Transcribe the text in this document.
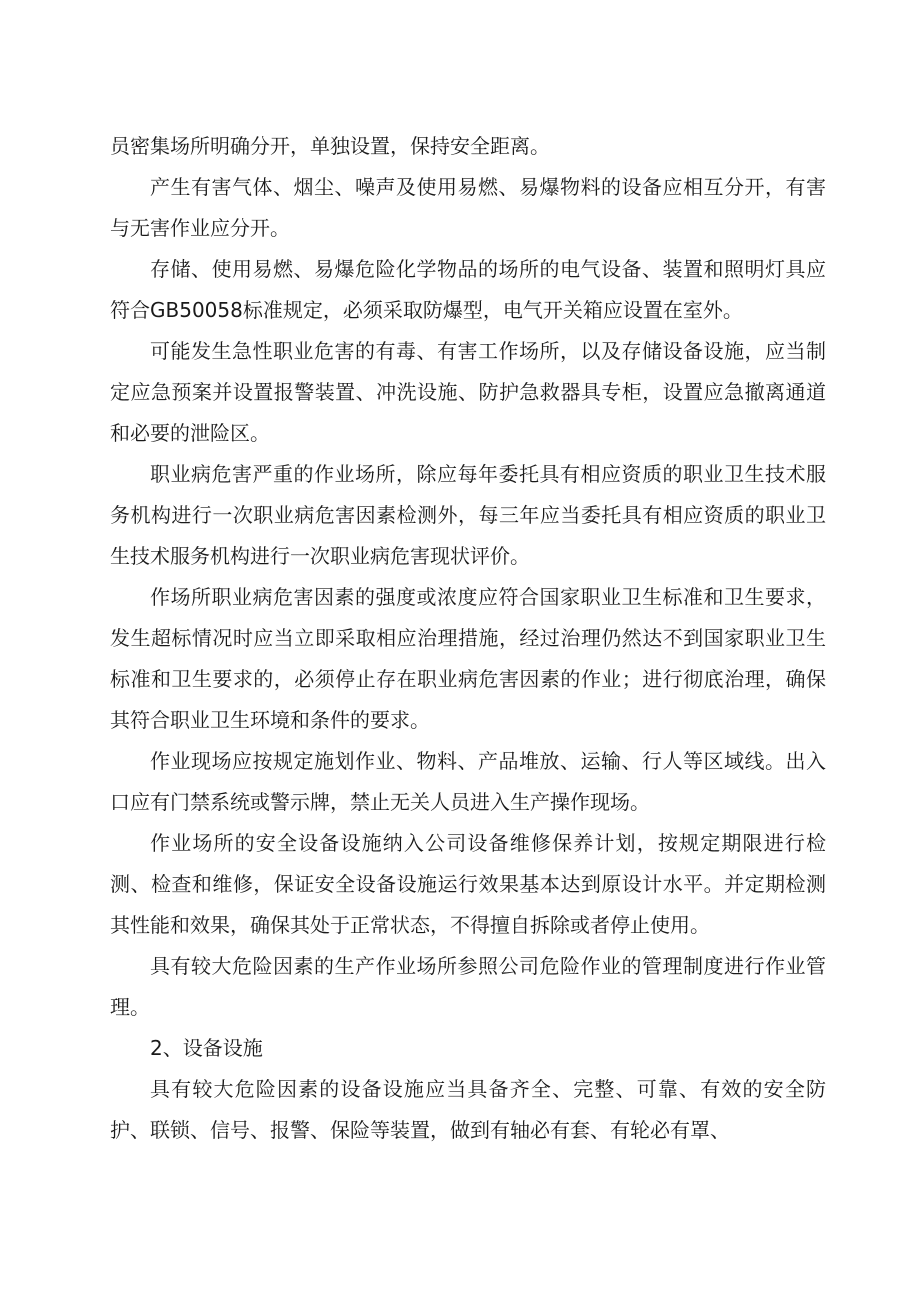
员密集场所明确分开，单独设置，保持安全距离。

产生有害气体、烟尘、噪声及使用易燃、易爆物料的设备应相互分开，有害与无害作业应分开。

存储、使用易燃、易爆危险化学物品的场所的电气设备、装置和照明灯具应符合GB50058标准规定，必须采取防爆型，电气开关箱应设置在室外。

可能发生急性职业危害的有毒、有害工作场所，以及存储设备设施，应当制定应急预案并设置报警装置、冲洗设施、防护急救器具专柜，设置应急撤离通道和必要的泄险区。

职业病危害严重的作业场所，除应每年委托具有相应资质的职业卫生技术服务机构进行一次职业病危害因素检测外，每三年应当委托具有相应资质的职业卫生技术服务机构进行一次职业病危害现状评价。

作场所职业病危害因素的强度或浓度应符合国家职业卫生标准和卫生要求，发生超标情况时应当立即采取相应治理措施，经过治理仍然达不到国家职业卫生标准和卫生要求的，必须停止存在职业病危害因素的作业；进行彻底治理，确保其符合职业卫生环境和条件的要求。

作业现场应按规定施划作业、物料、产品堆放、运输、行人等区域线。出入口应有门禁系统或警示牌，禁止无关人员进入生产操作现场。

作业场所的安全设备设施纳入公司设备维修保养计划，按规定期限进行检测、检查和维修，保证安全设备设施运行效果基本达到原设计水平。并定期检测其性能和效果，确保其处于正常状态，不得擅自拆除或者停止使用。

具有较大危险因素的生产作业场所参照公司危险作业的管理制度进行作业管理。

2、设备设施

具有较大危险因素的设备设施应当具备齐全、完整、可靠、有效的安全防护、联锁、信号、报警、保险等装置，做到有轴必有套、有轮必有罩、
